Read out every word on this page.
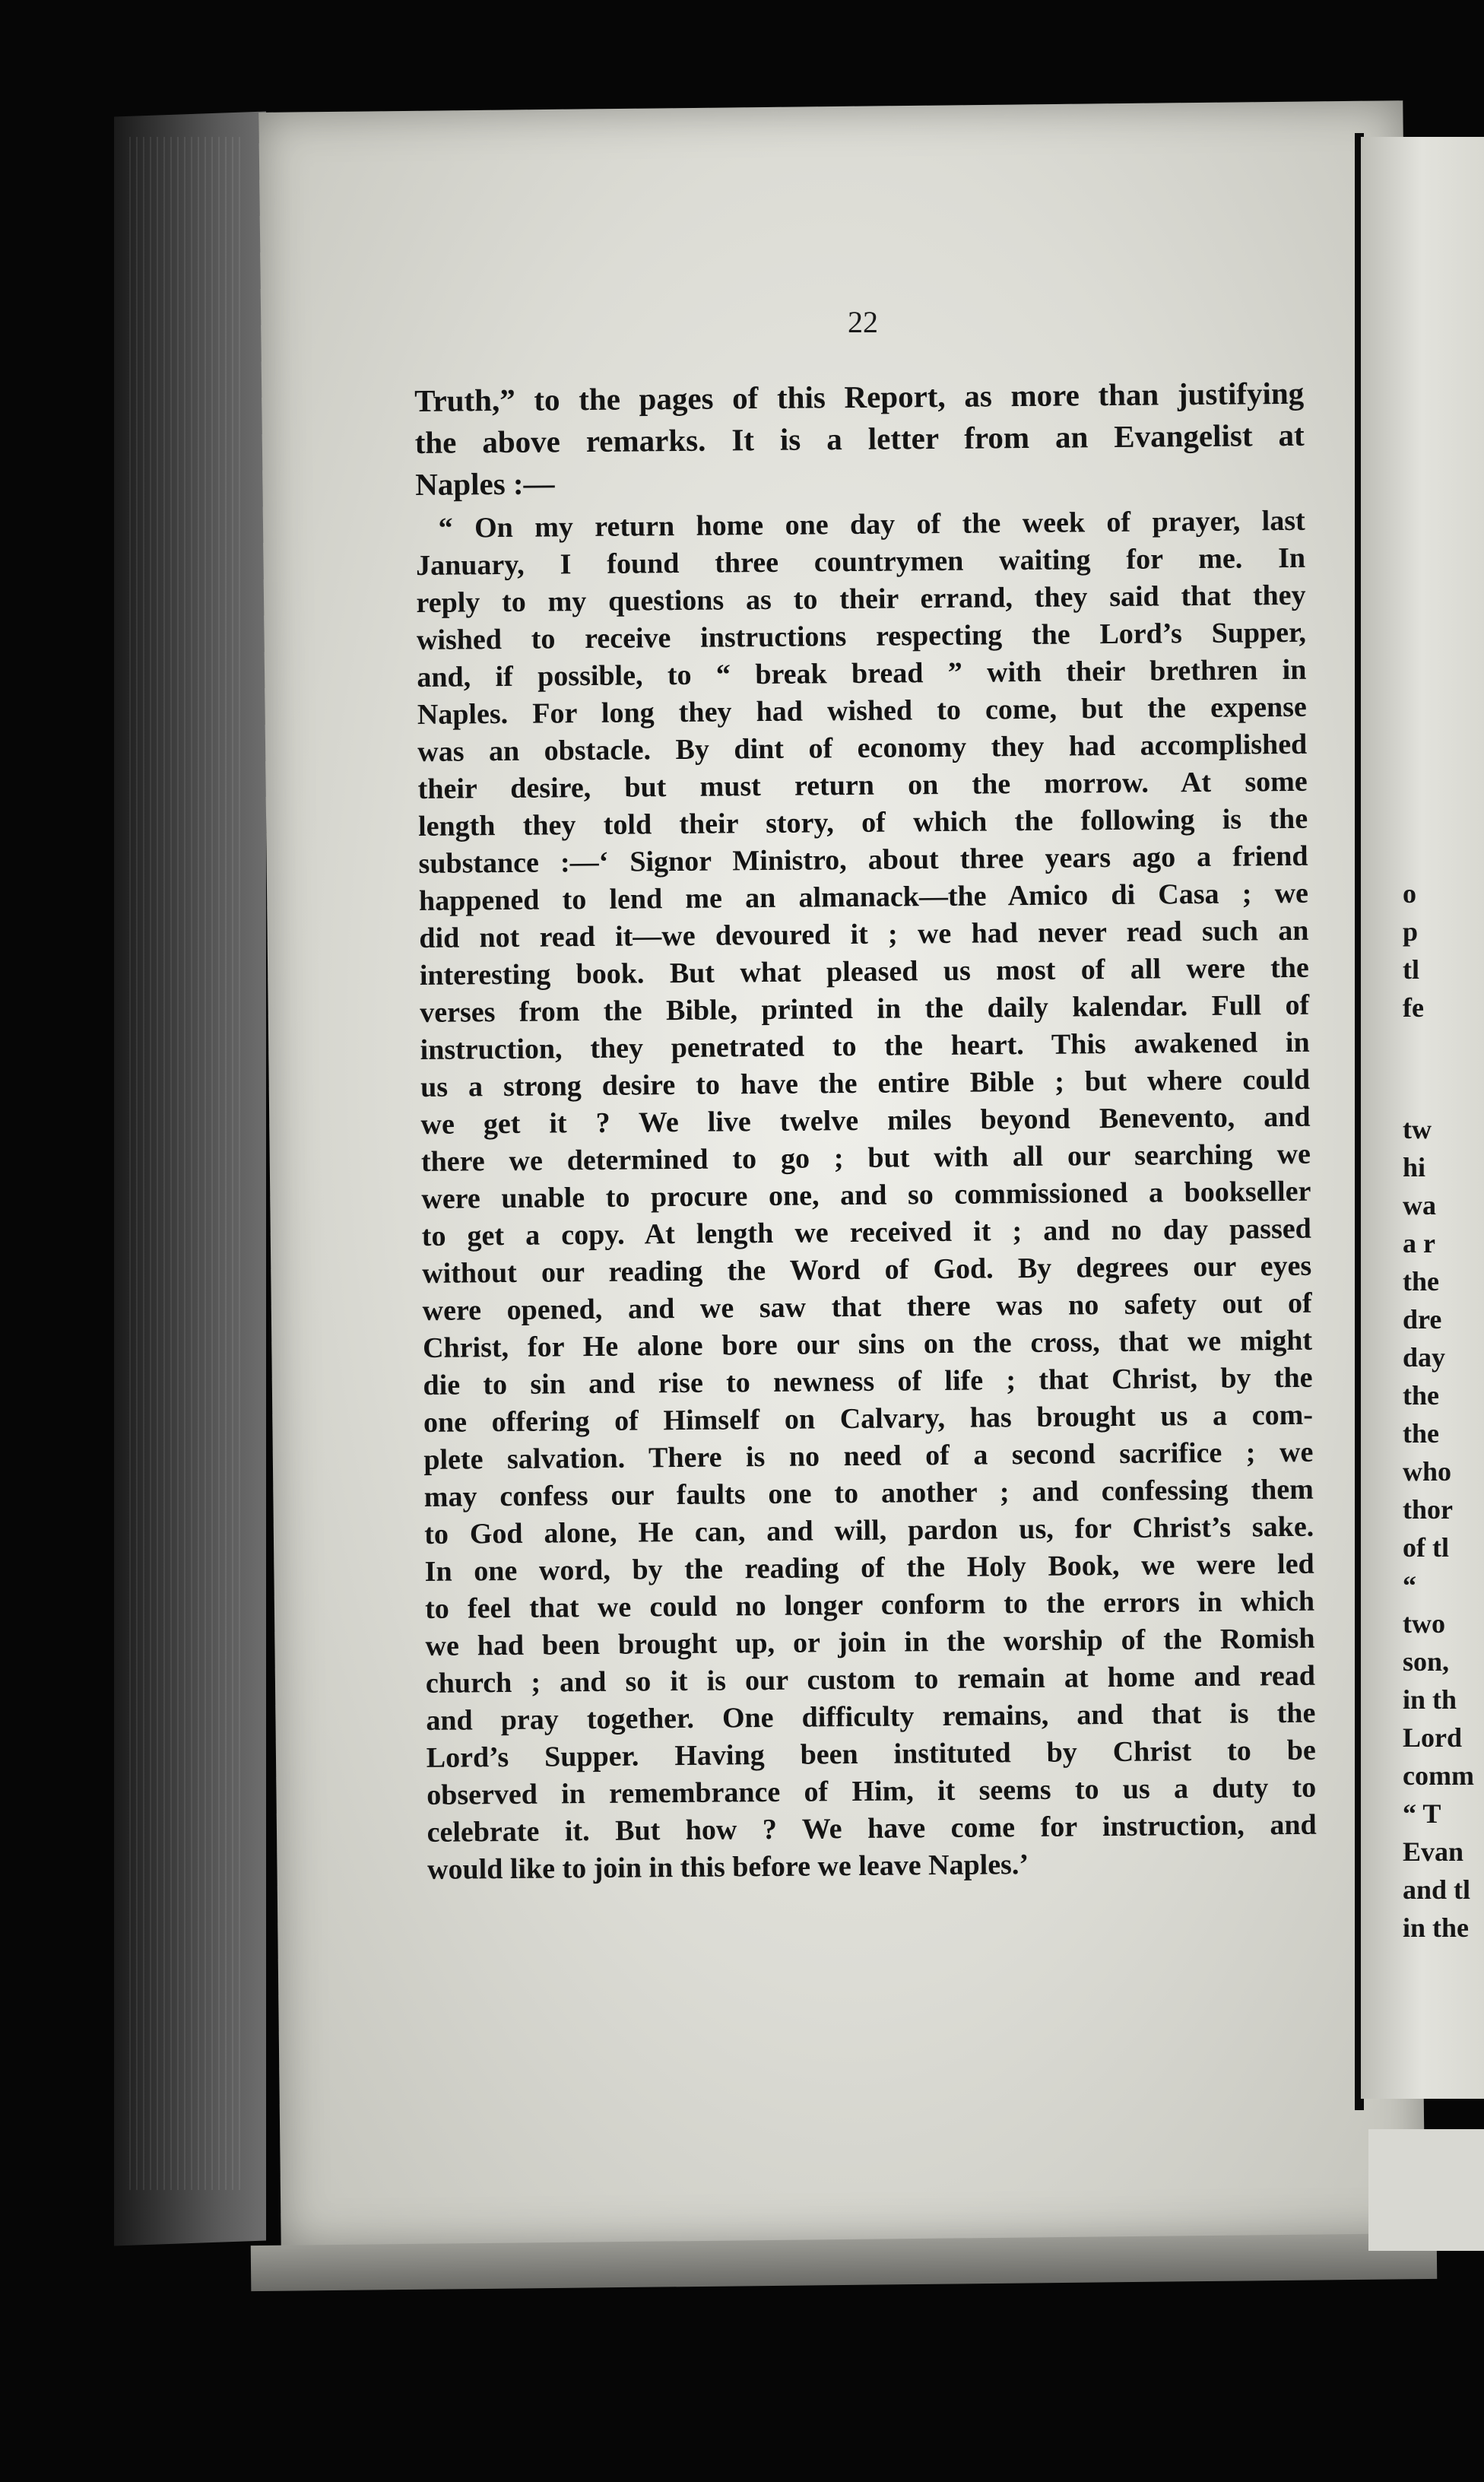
22

Truth,” to the pages of this Report, as more than justifying
the above remarks. It is a letter from an Evangelist at
Naples :—

“ On my return home one day of the week of prayer, last
January, I found three countrymen waiting for me. In
reply to my questions as to their errand, they said that they
wished to receive instructions respecting the Lord’s Supper,
and, if possible, to “ break bread ” with their brethren in
Naples. For long they had wished to come, but the expense
was an obstacle. By dint of economy they had accomplished
their desire, but must return on the morrow. At some
length they told their story, of which the following is the
substance :—‘ Signor Ministro, about three years ago a friend
happened to lend me an almanack—the Amico di Casa ; we
did not read it—we devoured it ; we had never read such an
interesting book. But what pleased us most of all were the
verses from the Bible, printed in the daily kalendar. Full of
instruction, they penetrated to the heart. This awakened in
us a strong desire to have the entire Bible ; but where could
we get it ? We live twelve miles beyond Benevento, and
there we determined to go ; but with all our searching we
were unable to procure one, and so commissioned a bookseller
to get a copy. At length we received it ; and no day passed
without our reading the Word of God. By degrees our eyes
were opened, and we saw that there was no safety out of
Christ, for He alone bore our sins on the cross, that we might
die to sin and rise to newness of life ; that Christ, by the
one offering of Himself on Calvary, has brought us a com-
plete salvation. There is no need of a second sacrifice ; we
may confess our faults one to another ; and confessing them
to God alone, He can, and will, pardon us, for Christ’s sake.
In one word, by the reading of the Holy Book, we were led
to feel that we could no longer conform to the errors in which
we had been brought up, or join in the worship of the Romish
church ; and so it is our custom to remain at home and read
and pray together. One difficulty remains, and that is the
Lord’s Supper. Having been instituted by Christ to be
observed in remembrance of Him, it seems to us a duty to
celebrate it. But how ? We have come for instruction, and
would like to join in this before we leave Naples.’

o
p
tl
fe
tw
hi
wa
a r
the
dre
day
the
the
who
thor
of tl
“
two
son,
in th
Lord
comm
“ T
Evan
and tl
in the
